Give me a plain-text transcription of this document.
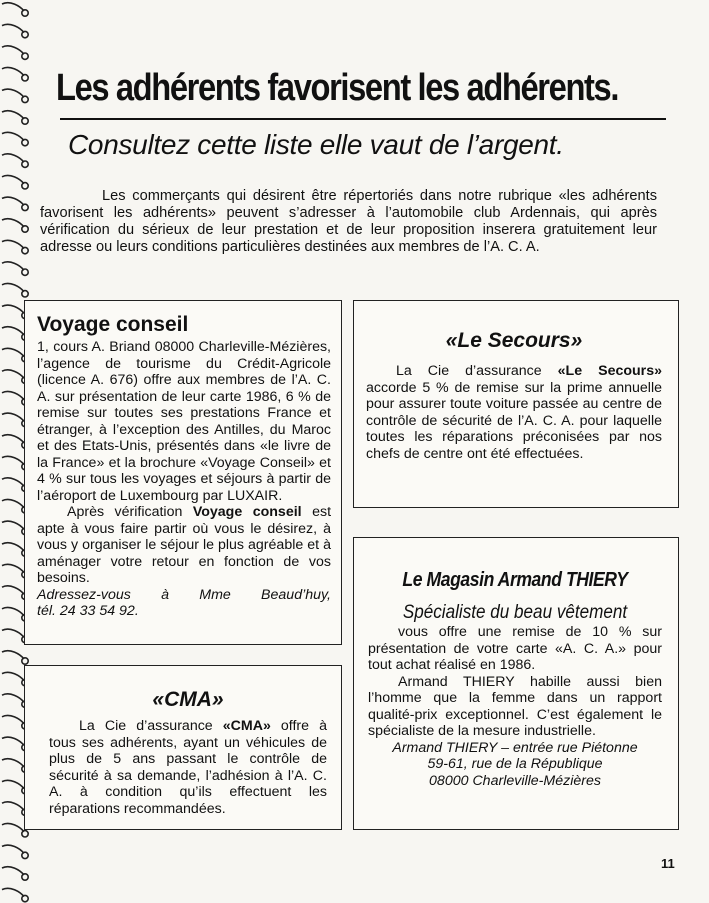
Les adhérents favorisent les adhérents.
Consultez cette liste elle vaut de l’argent.
Les commerçants qui désirent être répertoriés dans notre rubrique «les adhérents favorisent les adhérents» peuvent s’adresser à l’automobile club Ardennais, qui après vérification du sérieux de leur prestation et de leur proposition inserera gratuitement leur adresse ou leurs conditions particulières destinées aux membres de l’A. C. A.
Voyage conseil

1, cours A. Briand 08000 Charleville-Mézières, l’agence de tourisme du Crédit-Agricole (licence A. 676) offre aux membres de l’A. C. A. sur présentation de leur carte 1986, 6 % de remise sur toutes ses prestations France et étranger, à l’exception des Antilles, du Maroc et des Etats-Unis, présentés dans «le livre de la France» et la brochure «Voyage Conseil» et 4 % sur tous les voyages et séjours à partir de l’aéroport de Luxembourg par LUXAIR.

Après vérification Voyage conseil est apte à vous faire partir où vous le désirez, à vous y organiser le séjour le plus agréable et à aménager votre retour en fonction de vos besoins.

Adressez-vous à Mme Beaud’huy,

tél. 24 33 54 92.

«CMA»

La Cie d’assurance «CMA» offre à tous ses adhérents, ayant un véhicules de plus de 5 ans passant le contrôle de sécurité à sa demande, l’adhésion à l’A. C. A. à condition qu’ils effectuent les réparations recommandées.

«Le Secours»

La Cie d’assurance «Le Secours» accorde 5 % de remise sur la prime annuelle pour assurer toute voiture passée au centre de contrôle de sécurité de l’A. C. A. pour laquelle toutes les réparations préconisées par nos chefs de centre ont été effectuées.

Le Magasin Armand THIERY
Spécialiste du beau vêtement

vous offre une remise de 10 % sur présentation de votre carte «A. C. A.» pour tout achat réalisé en 1986.

Armand THIERY habille aussi bien l’homme que la femme dans un rapport qualité-prix exceptionnel. C’est également le spécialiste de la mesure industrielle.

Armand THIERY – entrée rue Piétonne
59-61, rue de la République
08000 Charleville-Mézières
11
